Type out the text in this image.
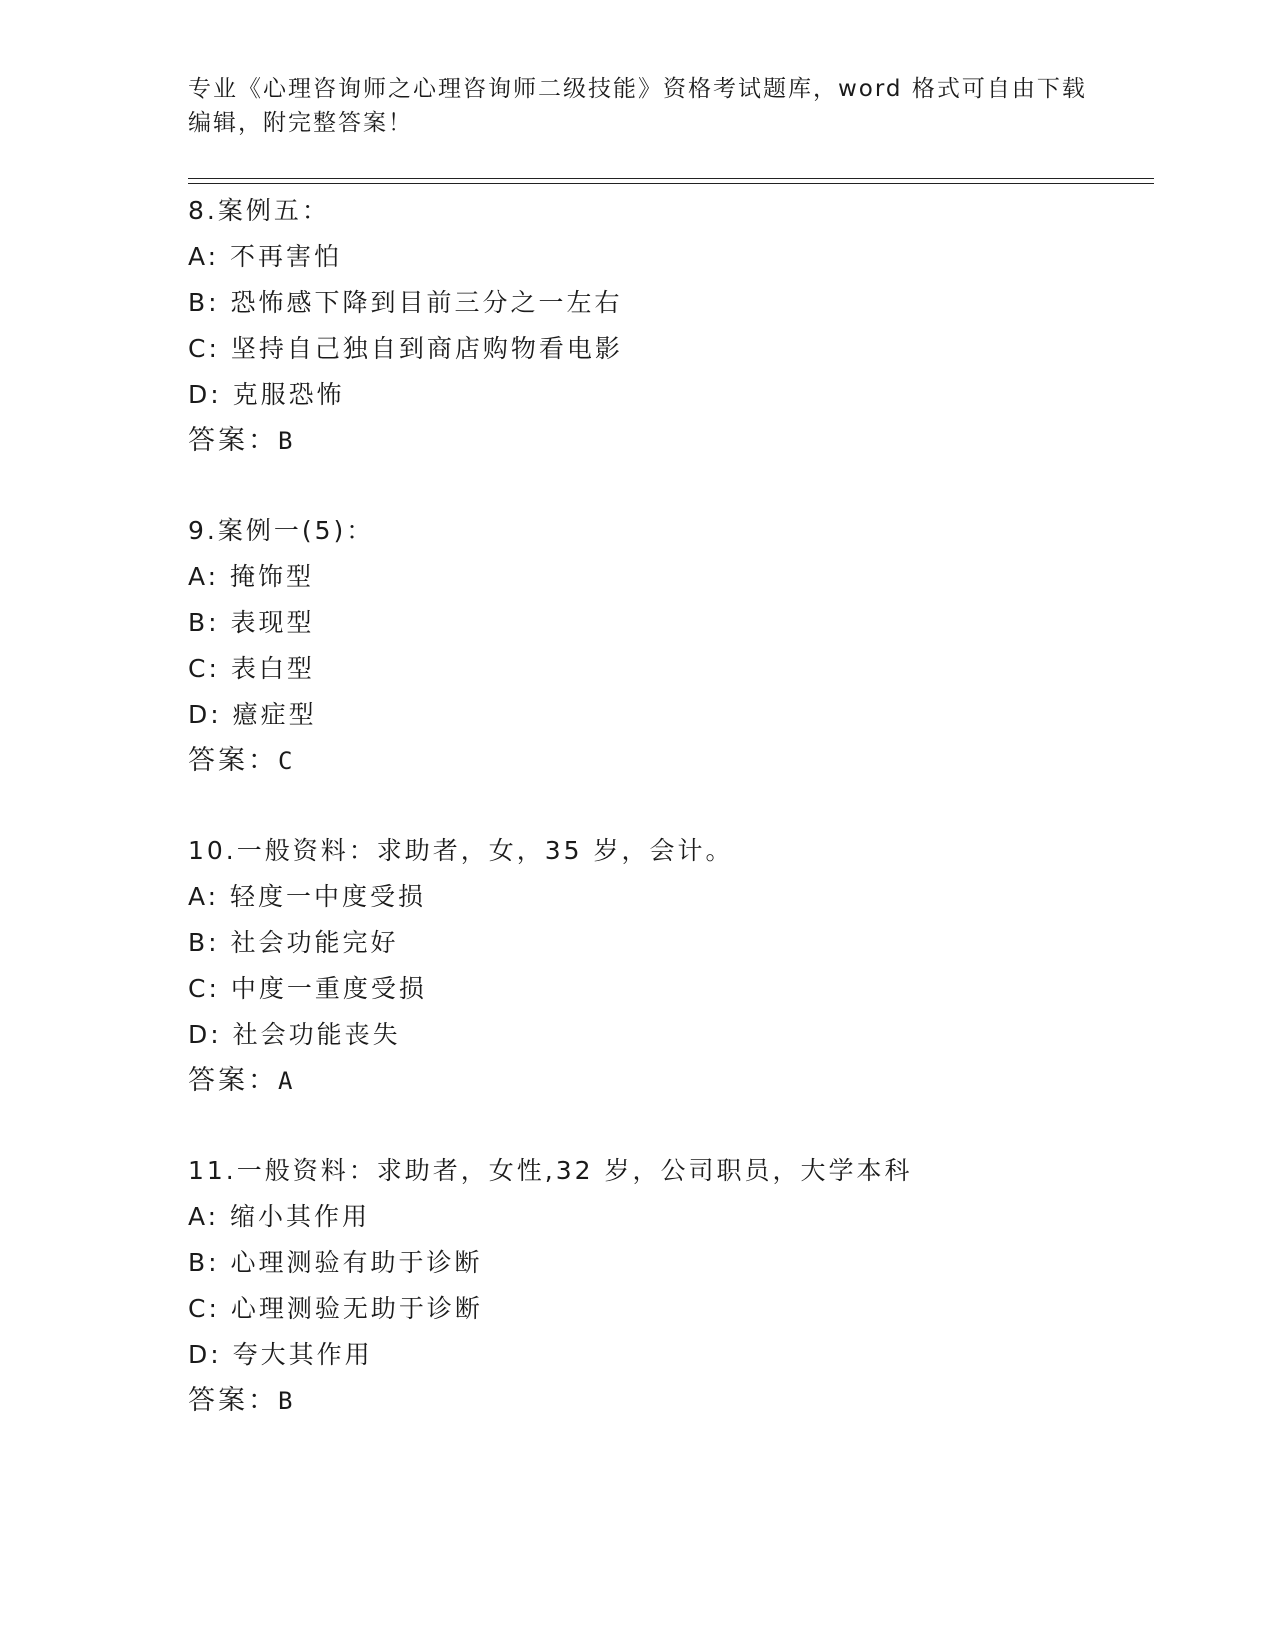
专业《心理咨询师之心理咨询师二级技能》资格考试题库，word 格式可自由下载
编辑，附完整答案！
8.案例五：
A: 不再害怕
B: 恐怖感下降到目前三分之一左右
C: 坚持自己独自到商店购物看电影
D: 克服恐怖
答案：B
9.案例一(5)：
A: 掩饰型
B: 表现型
C: 表白型
D: 癔症型
答案：C
10.一般资料：求助者，女，35 岁，会计。
A: 轻度一中度受损
B: 社会功能完好
C: 中度一重度受损
D: 社会功能丧失
答案：A
11.一般资料：求助者，女性,32 岁，公司职员，大学本科
A: 缩小其作用
B: 心理测验有助于诊断
C: 心理测验无助于诊断
D: 夸大其作用
答案：B
